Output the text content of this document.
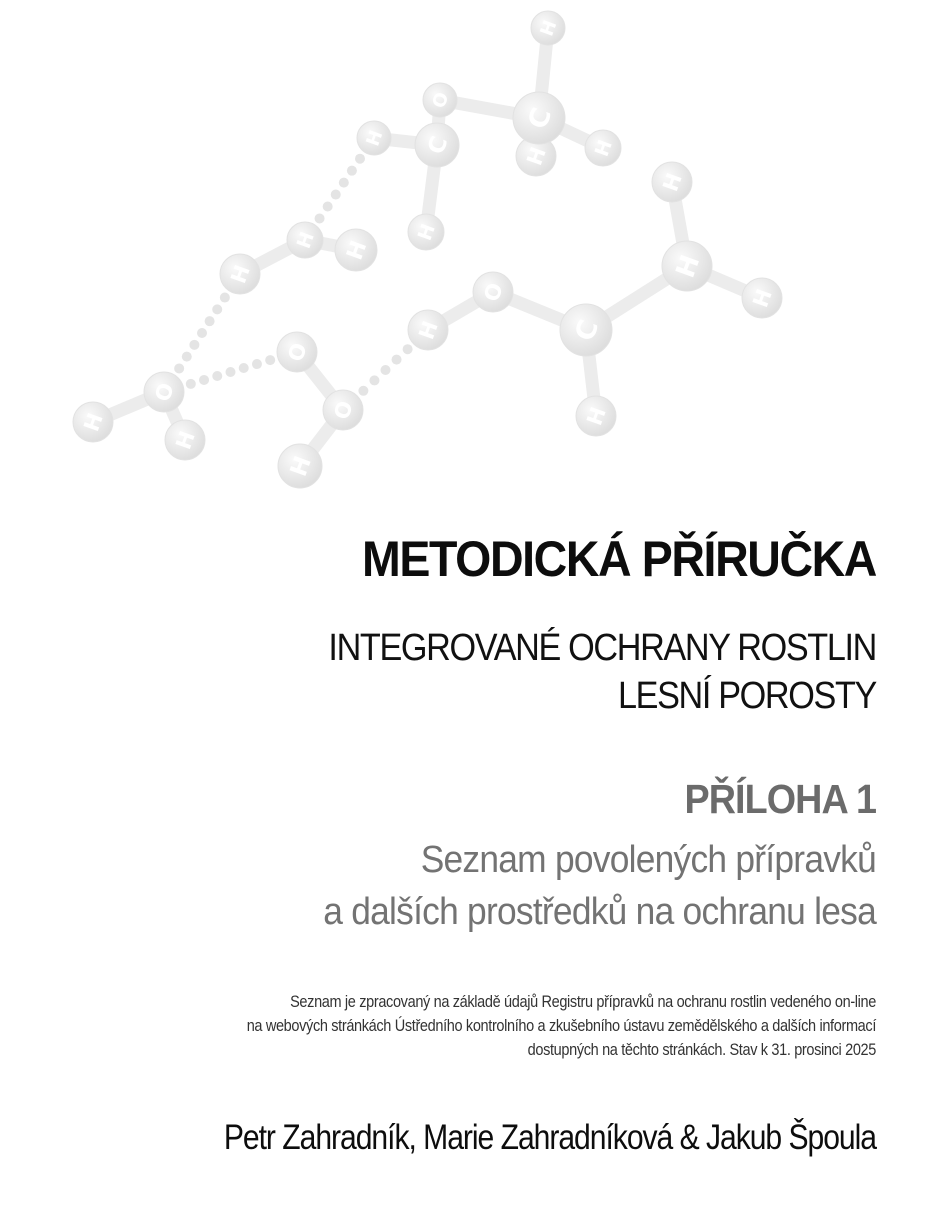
H
H C
O
H
C
H
H
H H
H
O
H
H
O
C
H
H
H
O	H
H
O
H
METODICKÁ PŘÍRUČKA
INTEGROVANÉ OCHRANY ROSTLIN
LESNÍ POROSTY
PŘÍLOHA 1
Seznam povolených přípravků
a dalších prostředků na ochranu lesa
Seznam je zpracovaný na základě údajů Registru přípravků na ochranu rostlin vedeného on-line
na webových stránkách Ústředního kontrolního a zkušebního ústavu zemědělského a dalších informací
dostupných na těchto stránkách. Stav k 31. prosinci 2025
Petr Zahradník, Marie Zahradníková & Jakub Špoula
